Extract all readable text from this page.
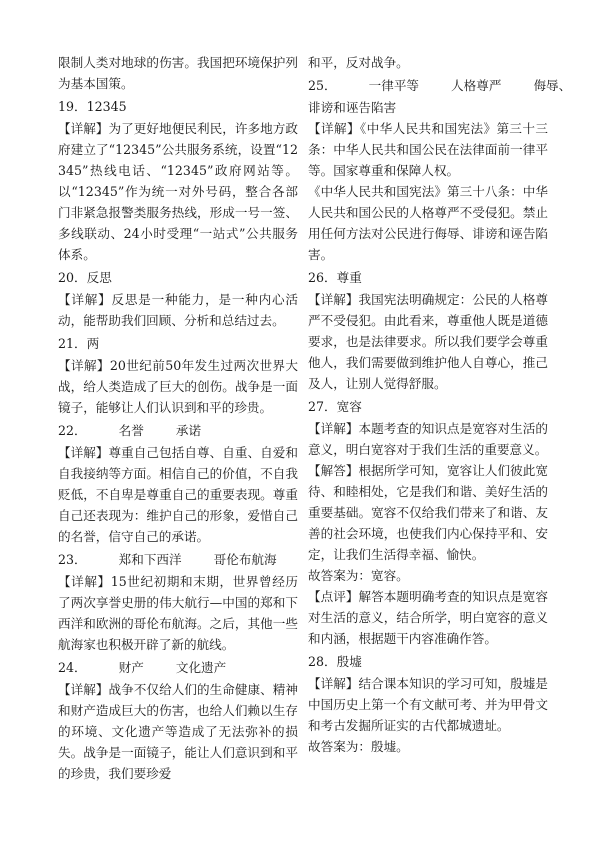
限制人类对地球的伤害。我国把环境保护列为基本国策。

19．12345

【详解】为了更好地便民利民，许多地方政府建立了“12345”公共服务系统，设置“12345”热线电话、“12345”政府网站等。以“12345”作为统一对外号码，整合各部门非紧急报警类服务热线，形成一号一签、多线联动、24小时受理“一站式”公共服务体系。

20．反思

【详解】反思是一种能力，是一种内心活动，能帮助我们回顾、分析和总结过去。

21．两

【详解】20世纪前50年发生过两次世界大战，给人类造成了巨大的创伤。战争是一面镜子，能够让人们认识到和平的珍贵。

22．        名誉        承诺

【详解】尊重自己包括自尊、自重、自爱和自我接纳等方面。相信自己的价值，不自我贬低，不自卑是尊重自己的重要表现。尊重自己还表现为：维护自己的形象，爱惜自己的名誉，信守自己的承诺。

23．        郑和下西洋        哥伦布航海

【详解】15世纪初期和末期，世界曾经历了两次享誉史册的伟大航行—中国的郑和下西洋和欧洲的哥伦布航海。之后，其他一些航海家也积极开辟了新的航线。

24．        财产        文化遗产

【详解】战争不仅给人们的生命健康、精神和财产造成巨大的伤害，也给人们赖以生存的环境、文化遗产等造成了无法弥补的损失。战争是一面镜子，能让人们意识到和平的珍贵，我们要珍爱

和平，反对战争。

25．        一律平等        人格尊严        侮辱、

诽谤和诬告陷害

【详解】《中华人民共和国宪法》第三十三条：中华人民共和国公民在法律面前一律平等。国家尊重和保障人权。

《中华人民共和国宪法》第三十八条：中华人民共和国公民的人格尊严不受侵犯。禁止用任何方法对公民进行侮辱、诽谤和诬告陷害。

26．尊重

【详解】我国宪法明确规定：公民的人格尊严不受侵犯。由此看来，尊重他人既是道德要求，也是法律要求。所以我们要学会尊重他人，我们需要做到维护他人自尊心，推己及人，让别人觉得舒服。

27．宽容

【详解】本题考查的知识点是宽容对生活的意义，明白宽容对于我们生活的重要意义。

【解答】根据所学可知，宽容让人们彼此宽待、和睦相处，它是我们和谐、美好生活的重要基础。宽容不仅给我们带来了和谐、友善的社会环境，也使我们内心保持平和、安定，让我们生活得幸福、愉快。

故答案为：宽容。

【点评】解答本题明确考查的知识点是宽容对生活的意义，结合所学，明白宽容的意义和内涵，根据题干内容准确作答。

28．殷墟

【详解】结合课本知识的学习可知，殷墟是中国历史上第一个有文献可考、并为甲骨文和考古发掘所证实的古代都城遗址。

故答案为：殷墟。
